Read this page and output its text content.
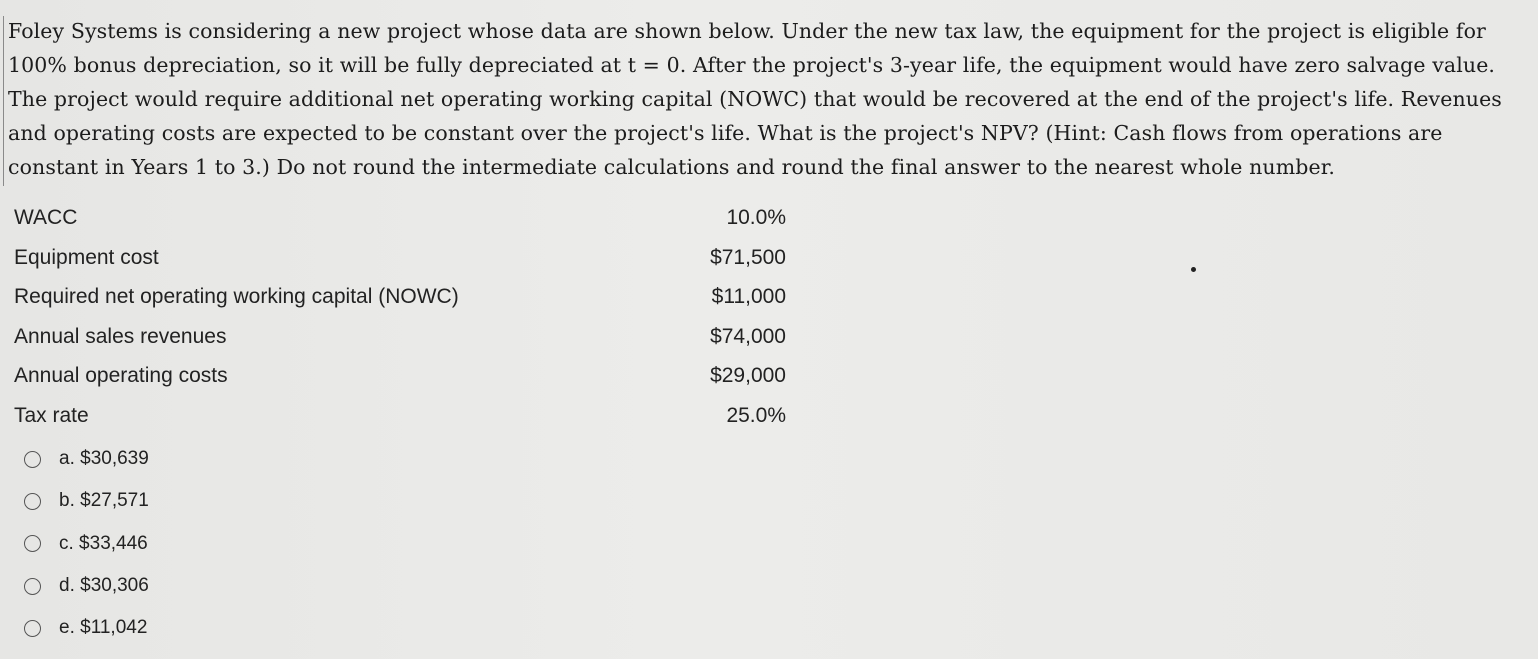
Foley Systems is considering a new project whose data are shown below. Under the new tax law, the equipment for the project is eligible for 100% bonus depreciation, so it will be fully depreciated at t = 0. After the project's 3-year life, the equipment would have zero salvage value. The project would require additional net operating working capital (NOWC) that would be recovered at the end of the project's life. Revenues and operating costs are expected to be constant over the project's life. What is the project's NPV? (Hint: Cash flows from operations are constant in Years 1 to 3.) Do not round the intermediate calculations and round the final answer to the nearest whole number.

WACC	10.0%
Equipment cost	$71,500
Required net operating working capital (NOWC)	$11,000
Annual sales revenues	$74,000
Annual operating costs	$29,000
Tax rate	25.0%
a. $30,639
b. $27,571
c. $33,446
d. $30,306
e. $11,042
